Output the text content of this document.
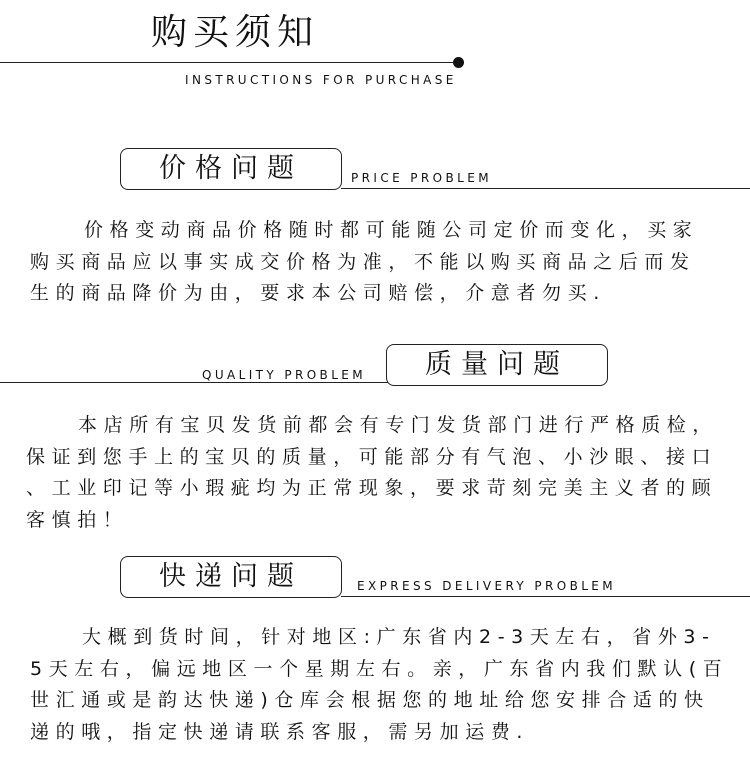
购买须知
INSTRUCTIONS FOR PURCHASE
价格问题	PRICE PROBLEM
价格变动商品价格随时都可能随公司定价而变化，买家
购买商品应以事实成交价格为准，不能以购买商品之后而发
生的商品降价为由，要求本公司赔偿，介意者勿买.
QUALITY PROBLEM	质量问题
本店所有宝贝发货前都会有专门发货部门进行严格质检，
保证到您手上的宝贝的质量，可能部分有气泡、小沙眼、接口
、工业印记等小瑕疵均为正常现象，要求苛刻完美主义者的顾
客慎拍！
快递问题	EXPRESS DELIVERY PROBLEM
大概到货时间，针对地区:广东省内2-3天左右，省外3-
5天左右，偏远地区一个星期左右。亲，广东省内我们默认(百
世汇通或是韵达快递)仓库会根据您的地址给您安排合适的快
递的哦，指定快递请联系客服，需另加运费.
